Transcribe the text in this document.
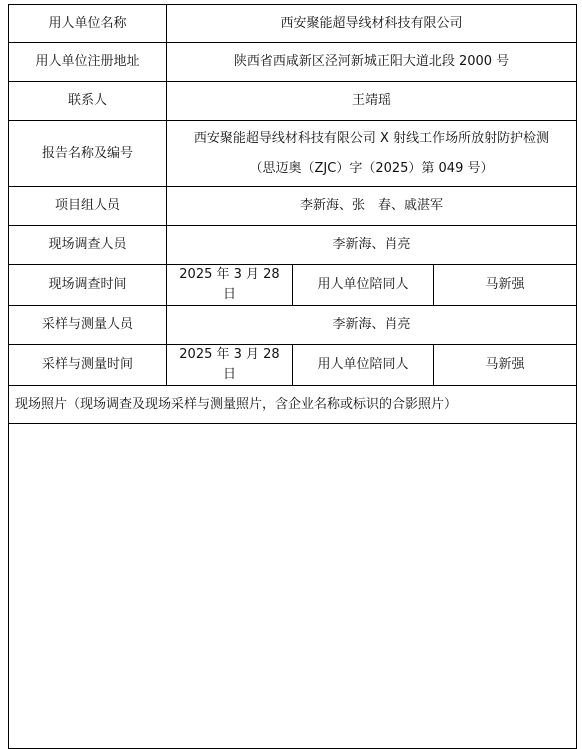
用人单位名称	西安聚能超导线材科技有限公司		
用人单位注册地址	陕西省西咸新区泾河新城正阳大道北段 2000 号		
联系人	王靖瑶		
报告名称及编号	西安聚能超导线材科技有限公司 X 射线工作场所放射防护检测
（思迈奥（ZJC）字（2025）第 049 号）		

项目组人员	李新海、张　春、戚湛军		
现场调查人员	李新海、肖亮		
现场调查时间	2025 年 3 月 28 日	用人单位陪同人	马新强
采样与测量人员	李新海、肖亮		
采样与测量时间	2025 年 3 月 28 日	用人单位陪同人	马新强
现场照片（现场调查及现场采样与测量照片，含企业名称或标识的合影照片）			
